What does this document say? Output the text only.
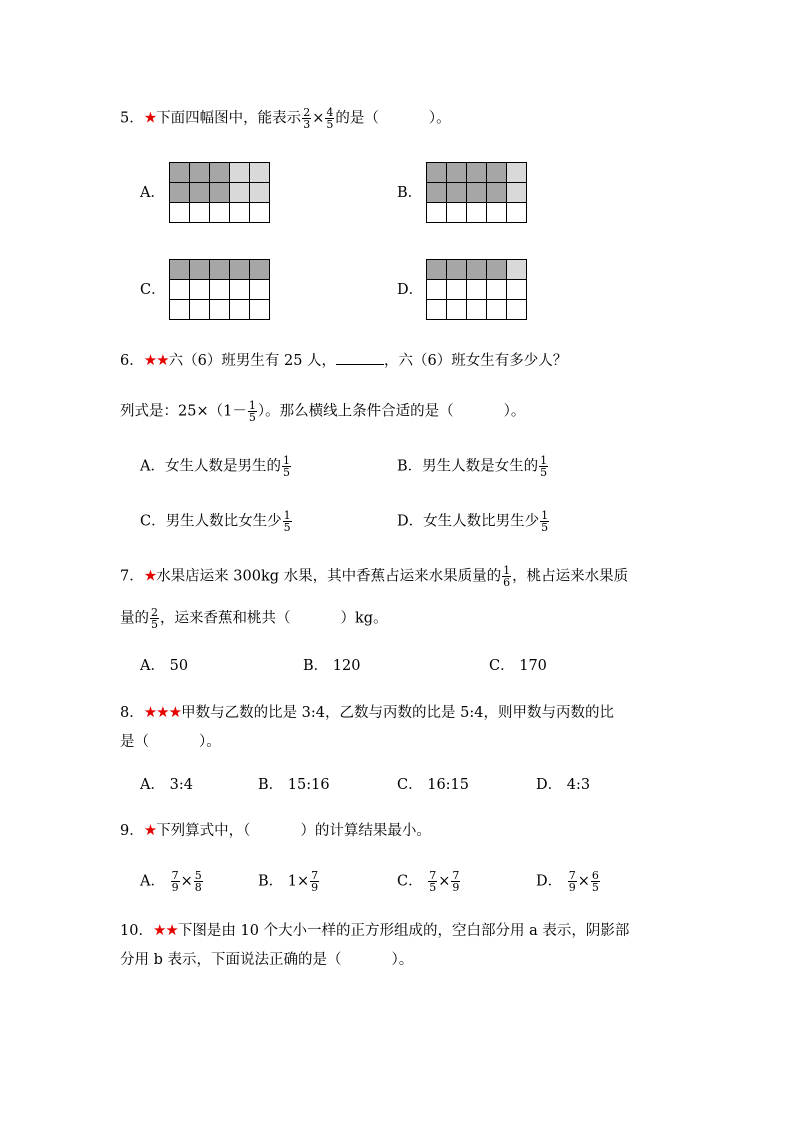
5．★下面四幅图中，能表示 $\frac{2}{3} \times \frac{4}{5}$ 的是（	）。
A．

					B．

C．

					D．

6．★★六（6）班男生有 25 人，	，六（6）班女生有多少人？
列式是：$25\times(1- \frac{1}{5}$ ）。那么横线上条件合适的是（	）。
A．女生人数是男生的 $\frac{1}{5}$	B．男生人数是女生的 $\frac{1}{5}$
C．男生人数比女生少 $\frac{1}{5}$	D．女生人数比男生少 $\frac{1}{5}$
7．★水果店运来 300kg 水果，其中香蕉占运来水果质量的 $\frac{1}{6}$ ，桃占运来水果质
量的 $\frac{2}{5}$ ，运来香蕉和桃共（	）kg。
A． 50	B． 120	C． 170
8．★★★甲数与乙数的比是 3:4，乙数与丙数的比是 5:4，则甲数与丙数的比
是（	）。
A． 3:4	B． 15:16	C． 16:15	D． 4:3
9．★下列算式中，（	）的计算结果最小。
A． $\frac{7}{9} \times \frac{5}{8}$	B． $1\times \frac{7}{9}$	C． $\frac{7}{5} \times \frac{7}{9}$	D． $\frac{7}{9} \times \frac{6}{5}$
10．★★下图是由 10 个大小一样的正方形组成的，空白部分用 a 表示，阴影部
分用 b 表示，下面说法正确的是（	）。
